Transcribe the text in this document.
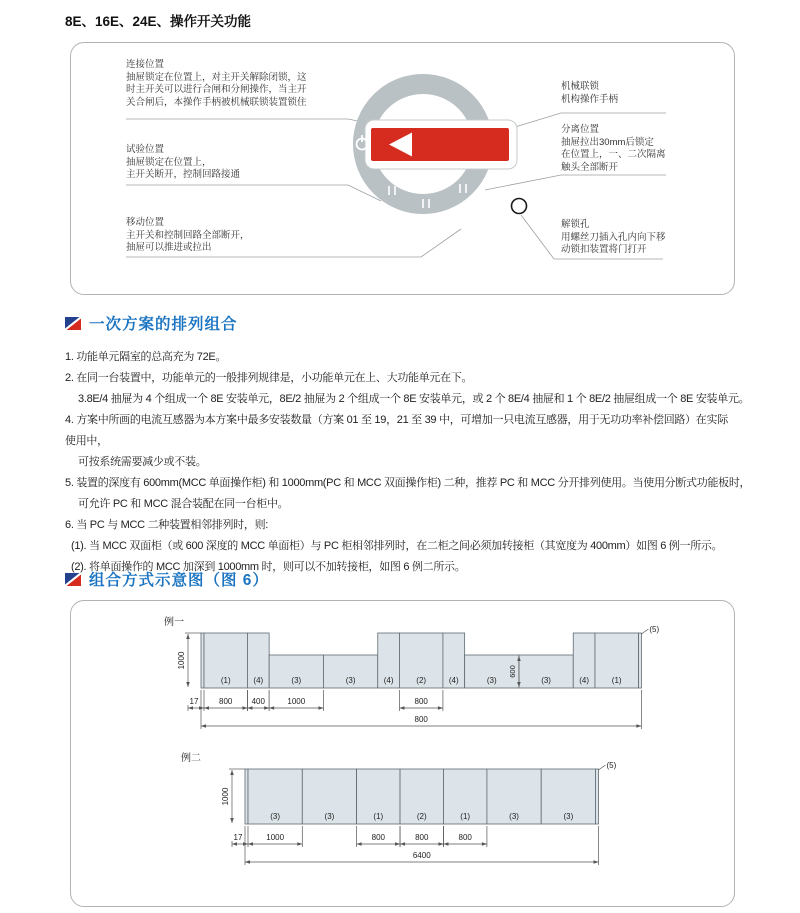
8E、16E、24E、操作开关功能
连接位置
抽屉锁定在位置上，对主开关解除闭锁，这
时主开关可以进行合闸和分闸操作，当主开
关合闸后，本操作手柄被机械联锁装置锁住
试验位置
抽屉锁定在位置上，
主开关断开，控制回路接通
移动位置
主开关和控制回路全部断开，
抽屉可以推进或拉出
机械联锁
机构操作手柄
分离位置
抽屉拉出30mm后锁定
在位置上，一、二次隔离
触头全部断开
解锁孔
用螺丝刀插入孔内向下移
动锁扣装置将门打开
一次方案的排列组合
1. 功能单元隔室的总高充为 72E。
2. 在同一台装置中，功能单元的一般排列规律是，小功能单元在上、大功能单元在下。
3.8E/4 抽屉为 4 个组成一个 8E 安装单元，8E/2 抽屉为 2 个组成一个 8E 安装单元，或 2 个 8E/4 抽屉和 1 个 8E/2 抽屉组成一个 8E 安装单元。
4. 方案中所画的电流互感器为本方案中最多安装数量（方案 01 至 19，21 至 39 中，可增加一只电流互感器，用于无功功率补偿回路）在实际
使用中，
可按系统需要减少或不装。
5. 装置的深度有 600mm(MCC 单面操作柜) 和 1000mm(PC 和 MCC 双面操作柜) 二种，推荐 PC 和 MCC 分开排列使用。当使用分断式功能板时，
可允许 PC 和 MCC 混合装配在同一台柜中。
6. 当 PC 与 MCC 二种装置相邻排列时，则:
(1). 当 MCC 双面柜（或 600 深度的 MCC 单面柜）与 PC 柜相邻排列时，在二柜之间必须加转接柜（其宽度为 400mm）如图 6 例一所示。
(2). 将单面操作的 MCC 加深到 1000mm 时，则可以不加转接柜，如图 6 例二所示。
组合方式示意图（图 6）
例一
(1)	(4)	(3)	(3)	(4)	(2)	(4)	(3)	(3)	(4)	(1)
1000
600
17	800 400	1000	800
800
(5)
例二
(3)	(3)	(1)	(2)	(1)	(3)	(3)
1000
17	1000	800	800	800
6400
(5)
